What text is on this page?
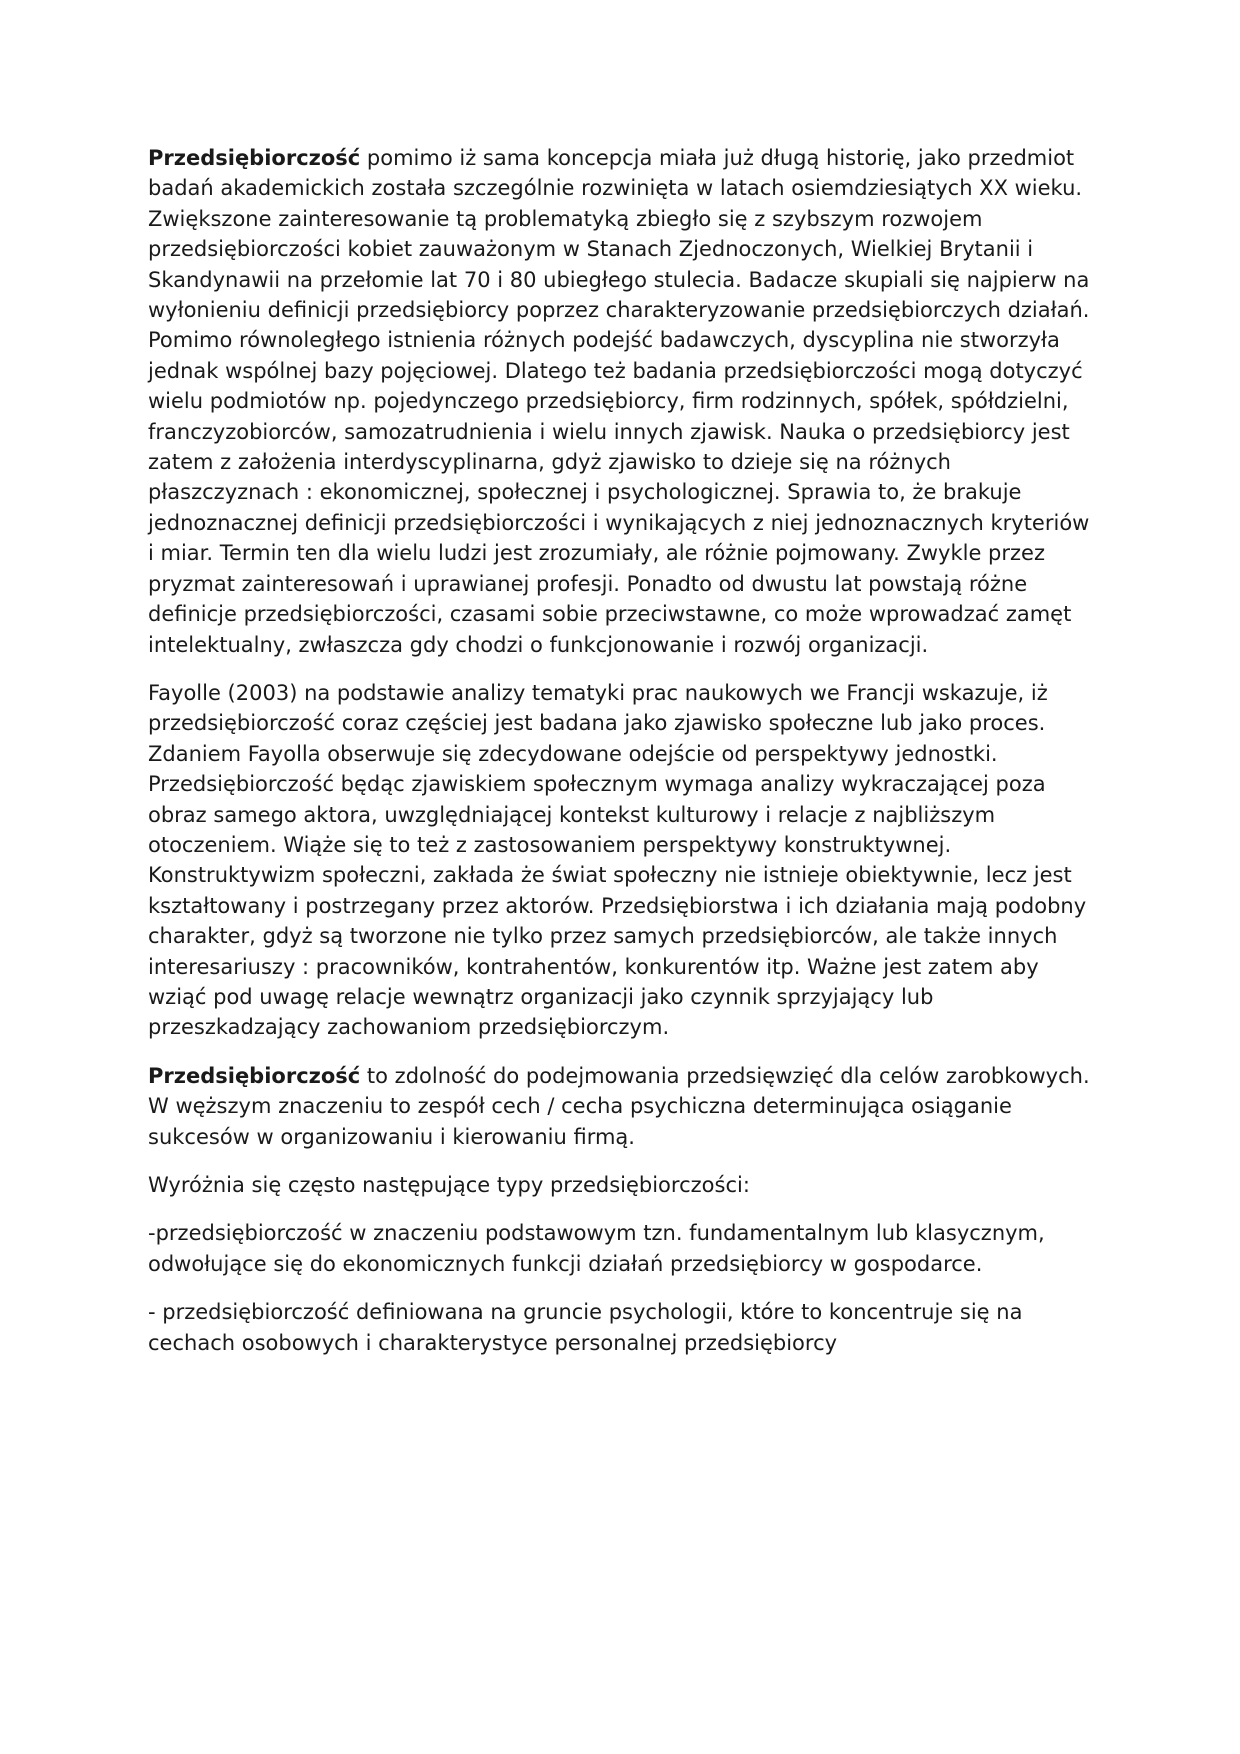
Przedsiębiorczość pomimo iż sama koncepcja miała już długą historię, jako przedmiot badań akademickich została szczególnie rozwinięta w latach osiemdziesiątych XX wieku. Zwiększone zainteresowanie tą problematyką zbiegło się z szybszym rozwojem przedsiębiorczości kobiet zauważonym w Stanach Zjednoczonych, Wielkiej Brytanii i Skandynawii na przełomie lat 70 i 80 ubiegłego stulecia. Badacze skupiali się najpierw na wyłonieniu definicji przedsiębiorcy poprzez charakteryzowanie przedsiębiorczych działań. Pomimo równoległego istnienia różnych podejść badawczych, dyscyplina nie stworzyła jednak wspólnej bazy pojęciowej. Dlatego też badania przedsiębiorczości mogą dotyczyć wielu podmiotów np. pojedynczego przedsiębiorcy, firm rodzinnych, spółek, spółdzielni, franczyzobiorców, samozatrudnienia i wielu innych zjawisk. Nauka o przedsiębiorcy jest zatem z założenia interdyscyplinarna, gdyż zjawisko to dzieje się na różnych płaszczyznach : ekonomicznej, społecznej i psychologicznej. Sprawia to, że brakuje jednoznacznej definicji przedsiębiorczości i wynikających z niej jednoznacznych kryteriów i miar. Termin ten dla wielu ludzi jest zrozumiały, ale różnie pojmowany. Zwykle przez pryzmat zainteresowań i uprawianej profesji. Ponadto od dwustu lat powstają różne definicje przedsiębiorczości, czasami sobie przeciwstawne, co może wprowadzać zamęt intelektualny, zwłaszcza gdy chodzi o funkcjonowanie i rozwój organizacji.

Fayolle (2003) na podstawie analizy tematyki prac naukowych we Francji wskazuje, iż przedsiębiorczość coraz częściej jest badana jako zjawisko społeczne lub jako proces.

Zdaniem Fayolla obserwuje się zdecydowane odejście od perspektywy jednostki. Przedsiębiorczość będąc zjawiskiem społecznym wymaga analizy wykraczającej poza obraz samego aktora, uwzględniającej kontekst kulturowy i relacje z najbliższym otoczeniem. Wiąże się to też z zastosowaniem perspektywy konstruktywnej. Konstruktywizm społeczni, zakłada że świat społeczny nie istnieje obiektywnie, lecz jest kształtowany i postrzegany przez aktorów. Przedsiębiorstwa i ich działania mają podobny charakter, gdyż są tworzone nie tylko przez samych przedsiębiorców, ale także innych interesariuszy : pracowników, kontrahentów, konkurentów itp. Ważne jest zatem aby wziąć pod uwagę relacje wewnątrz organizacji jako czynnik sprzyjający lub przeszkadzający zachowaniom przedsiębiorczym.

Przedsiębiorczość to zdolność do podejmowania przedsięwzięć dla celów zarobkowych. W węższym znaczeniu to zespół cech / cecha psychiczna determinująca osiąganie sukcesów w organizowaniu i kierowaniu firmą.

Wyróżnia się często następujące typy przedsiębiorczości:

-przedsiębiorczość w znaczeniu podstawowym tzn. fundamentalnym lub klasycznym, odwołujące się do ekonomicznych funkcji działań przedsiębiorcy w gospodarce.

- przedsiębiorczość definiowana na gruncie psychologii, które to koncentruje się na cechach osobowych i charakterystyce personalnej przedsiębiorcy
